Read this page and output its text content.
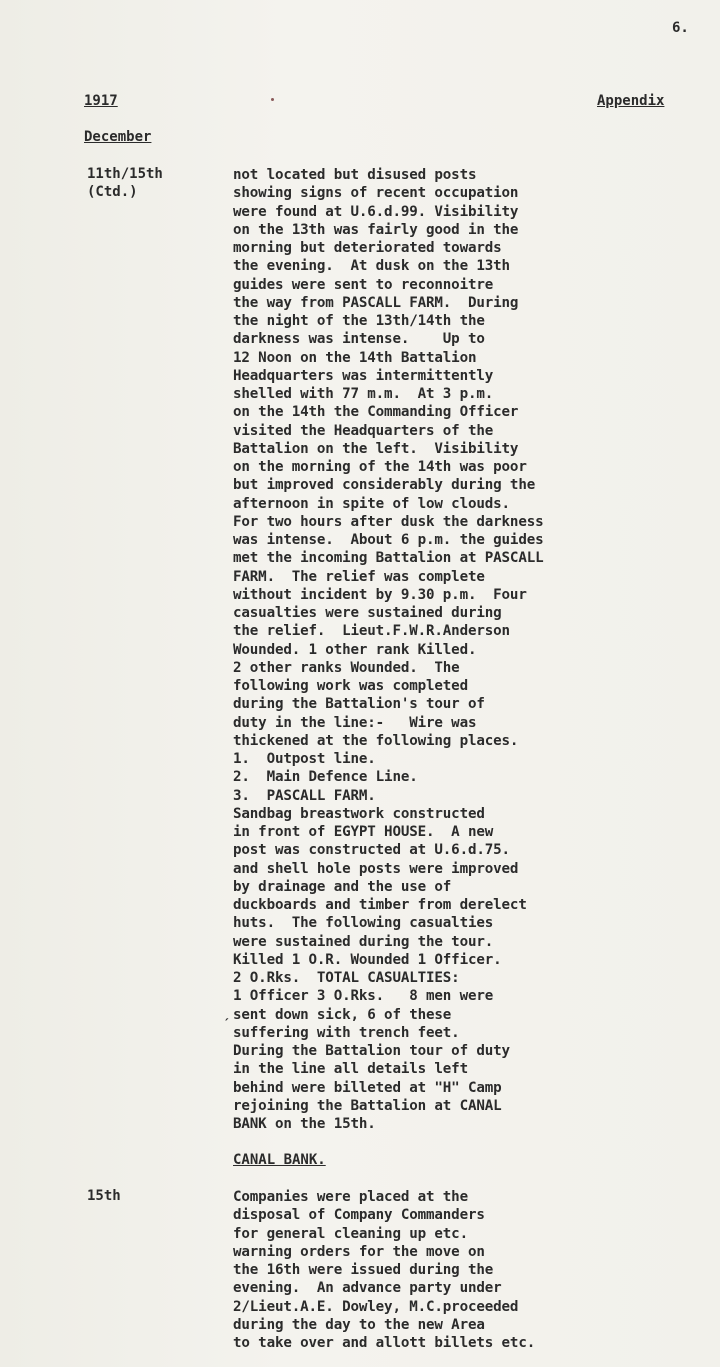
6.
1917	Appendix
December
11th/15th
(Ctd.)
not located but disused posts
showing signs of recent occupation
were found at U.6.d.99. Visibility
on the 13th was fairly good in the
morning but deteriorated towards
the evening.  At dusk on the 13th
guides were sent to reconnoitre
the way from PASCALL FARM.  During
the night of the 13th/14th the
darkness was intense.    Up to
12 Noon on the 14th Battalion
Headquarters was intermittently
shelled with 77 m.m.  At 3 p.m.
on the 14th the Commanding Officer
visited the Headquarters of the
Battalion on the left.  Visibility
on the morning of the 14th was poor
but improved considerably during the
afternoon in spite of low clouds.
For two hours after dusk the darkness
was intense.  About 6 p.m. the guides
met the incoming Battalion at PASCALL
FARM.  The relief was complete
without incident by 9.30 p.m.  Four
casualties were sustained during
the relief.  Lieut.F.W.R.Anderson
Wounded. 1 other rank Killed.
2 other ranks Wounded.  The
following work was completed
during the Battalion's tour of
duty in the line:-   Wire was
thickened at the following places.
1.  Outpost line.
2.  Main Defence Line.
3.  PASCALL FARM.
Sandbag breastwork constructed
in front of EGYPT HOUSE.  A new
post was constructed at U.6.d.75.
and shell hole posts were improved
by drainage and the use of
duckboards and timber from derelect
huts.  The following casualties
were sustained during the tour.
Killed 1 O.R. Wounded 1 Officer.
2 O.Rks.  TOTAL CASUALTIES:
1 Officer 3 O.Rks.   8 men were
sent down sick, 6 of these
suffering with trench feet.
During the Battalion tour of duty
in the line all details left
behind were billeted at "H" Camp
rejoining the Battalion at CANAL
BANK on the 15th.
ˏ
CANAL BANK.
15th	Companies were placed at the
disposal of Company Commanders
for general cleaning up etc.
warning orders for the move on
the 16th were issued during the
evening.  An advance party under
2/Lieut.A.E. Dowley, M.C.proceeded
during the day to the new Area
to take over and allott billets etc.
